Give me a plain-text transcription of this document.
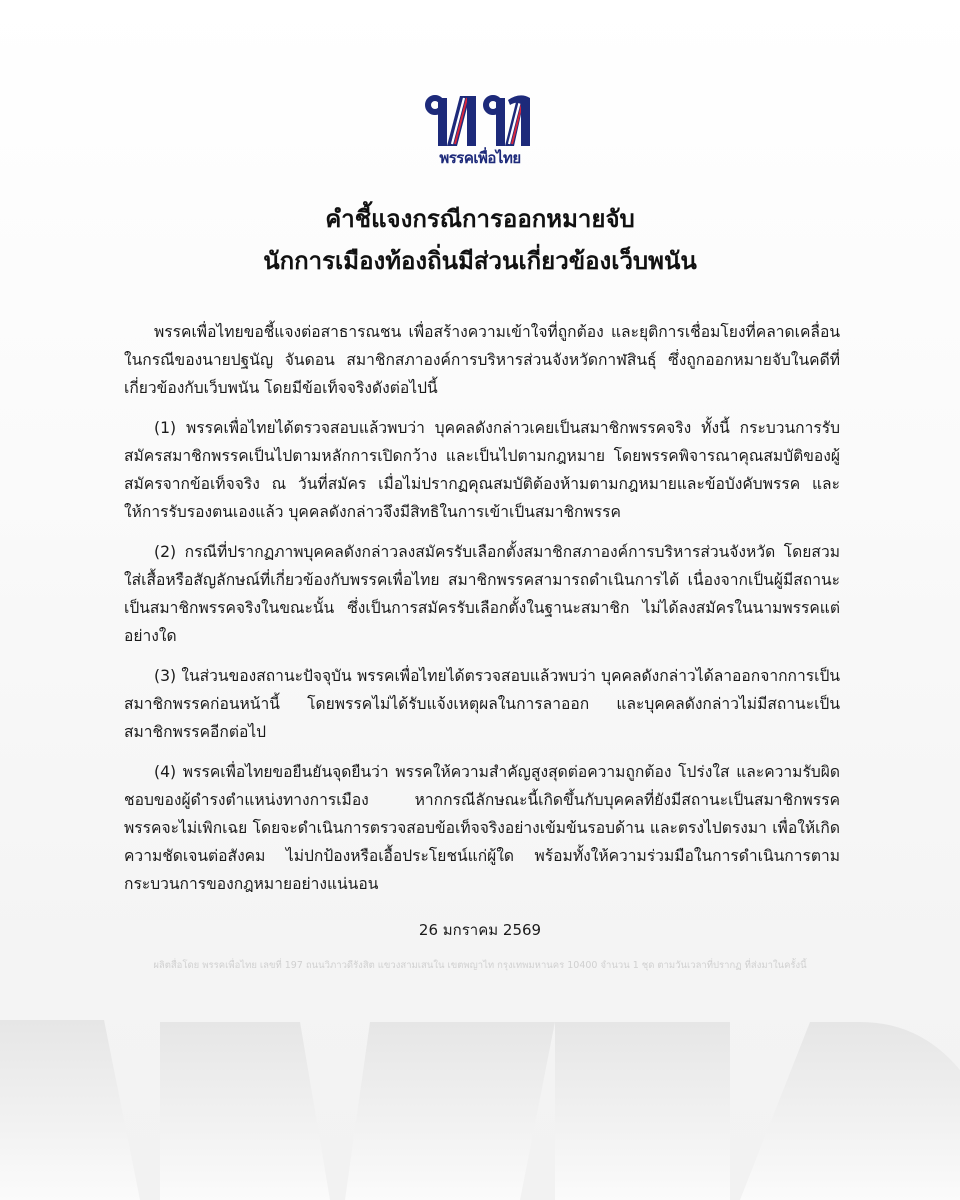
พรรคเพื่อไทย
คำชี้แจงกรณีการออกหมายจับ
นักการเมืองท้องถิ่นมีส่วนเกี่ยวข้องเว็บพนัน

พรรคเพื่อไทยขอชี้แจงต่อสาธารณชน เพื่อสร้างความเข้าใจที่ถูกต้อง และยุติการเชื่อมโยงที่คลาดเคลื่อน ในกรณีของนายปฐนัญ จันดอน สมาชิกสภาองค์การบริหารส่วนจังหวัดกาฬสินธุ์ ซึ่งถูกออกหมายจับในคดีที่เกี่ยวข้องกับเว็บพนัน โดยมีข้อเท็จจริงดังต่อไปนี้

(1) พรรคเพื่อไทยได้ตรวจสอบแล้วพบว่า บุคคลดังกล่าวเคยเป็นสมาชิกพรรคจริง ทั้งนี้ กระบวนการรับสมัครสมาชิกพรรคเป็นไปตามหลักการเปิดกว้าง และเป็นไปตามกฎหมาย โดยพรรคพิจารณาคุณสมบัติของผู้สมัครจากข้อเท็จจริง ณ วันที่สมัคร เมื่อไม่ปรากฏคุณสมบัติต้องห้ามตามกฎหมายและข้อบังคับพรรค และให้การรับรองตนเองแล้ว บุคคลดังกล่าวจึงมีสิทธิในการเข้าเป็นสมาชิกพรรค

(2) กรณีที่ปรากฏภาพบุคคลดังกล่าวลงสมัครรับเลือกตั้งสมาชิกสภาองค์การบริหารส่วนจังหวัด โดยสวมใส่เสื้อหรือสัญลักษณ์ที่เกี่ยวข้องกับพรรคเพื่อไทย สมาชิกพรรคสามารถดำเนินการได้ เนื่องจากเป็นผู้มีสถานะเป็นสมาชิกพรรคจริงในขณะนั้น ซึ่งเป็นการสมัครรับเลือกตั้งในฐานะสมาชิก ไม่ได้ลงสมัครในนามพรรคแต่อย่างใด

(3) ในส่วนของสถานะปัจจุบัน พรรคเพื่อไทยได้ตรวจสอบแล้วพบว่า บุคคลดังกล่าวได้ลาออกจากการเป็นสมาชิกพรรคก่อนหน้านี้ โดยพรรคไม่ได้รับแจ้งเหตุผลในการลาออก และบุคคลดังกล่าวไม่มีสถานะเป็นสมาชิกพรรคอีกต่อไป

(4) พรรคเพื่อไทยขอยืนยันจุดยืนว่า พรรคให้ความสำคัญสูงสุดต่อความถูกต้อง โปร่งใส และความรับผิดชอบของผู้ดำรงตำแหน่งทางการเมือง หากกรณีลักษณะนี้เกิดขึ้นกับบุคคลที่ยังมีสถานะเป็นสมาชิกพรรค พรรคจะไม่เพิกเฉย โดยจะดำเนินการตรวจสอบข้อเท็จจริงอย่างเข้มข้นรอบด้าน และตรงไปตรงมา เพื่อให้เกิดความชัดเจนต่อสังคม ไม่ปกป้องหรือเอื้อประโยชน์แก่ผู้ใด พร้อมทั้งให้ความร่วมมือในการดำเนินการตามกระบวนการของกฎหมายอย่างแน่นอน

26 มกราคม 2569
ผลิตสื่อโดย พรรคเพื่อไทย เลขที่ 197 ถนนวิภาวดีรังสิต แขวงสามเสนใน เขตพญาไท กรุงเทพมหานคร 10400 จำนวน 1 ชุด ตามวันเวลาที่ปรากฏ ที่ส่งมาในครั้งนี้
